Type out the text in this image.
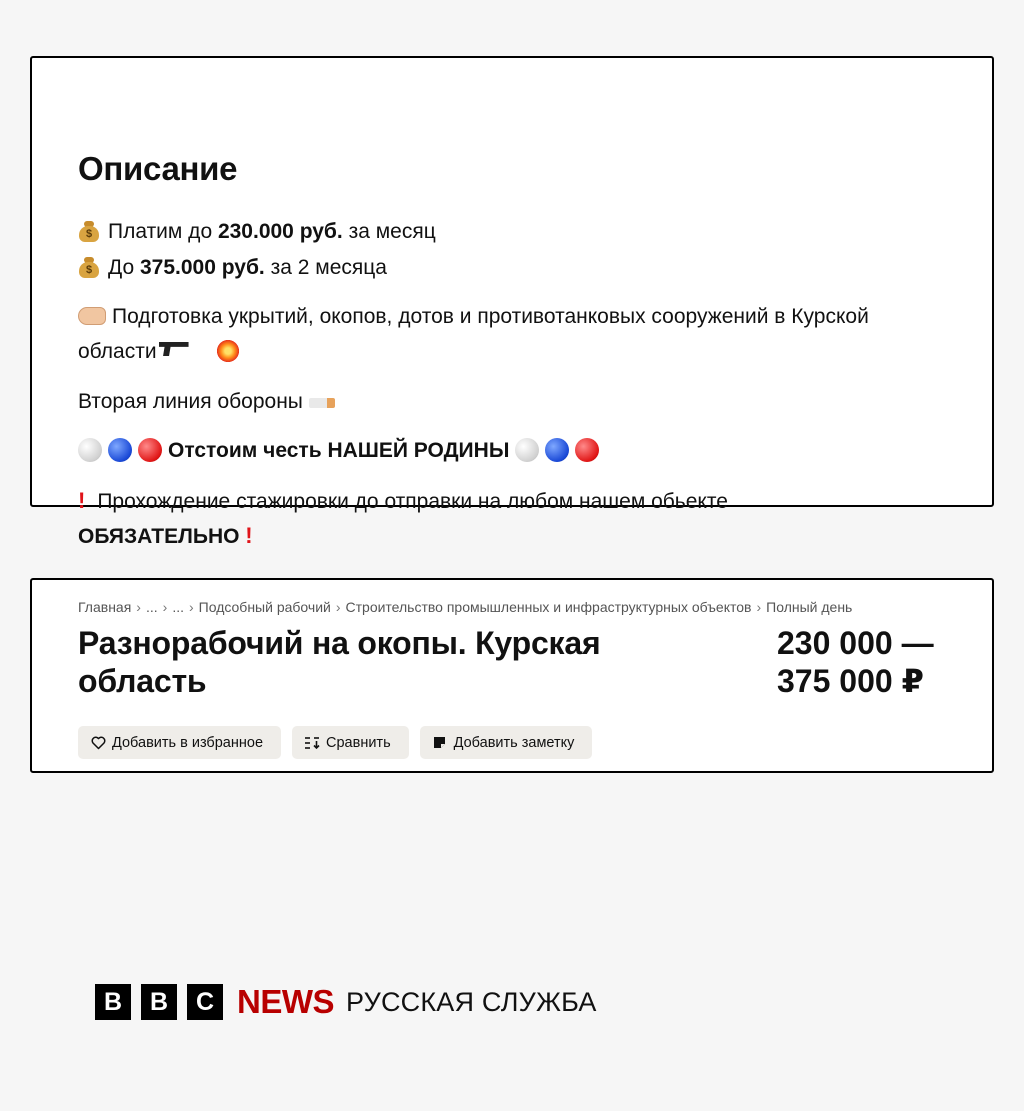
Описание
$ Платим до 230.000 руб. за месяц
$ До 375.000 руб. за 2 месяца
Подготовка укрытий, окопов, дотов и противотанковых сооружений в Курской
области
Вторая линия обороны
Отстоим честь НАШЕЙ РОДИНЫ
! Прохождение стажировки до отправки на любом нашем обьекте
ОБЯЗАТЕЛЬНО !
Главная › ... › ... › Подсобный рабочий › Строительство промышленных и инфраструктурных объектов › Полный день
Разнорабочий на окопы. Курская
область
230 000 —
375 000 ₽
Добавить в избранное	Сравнить	Добавить заметку
B	B	C NEWS РУССКАЯ СЛУЖБА
